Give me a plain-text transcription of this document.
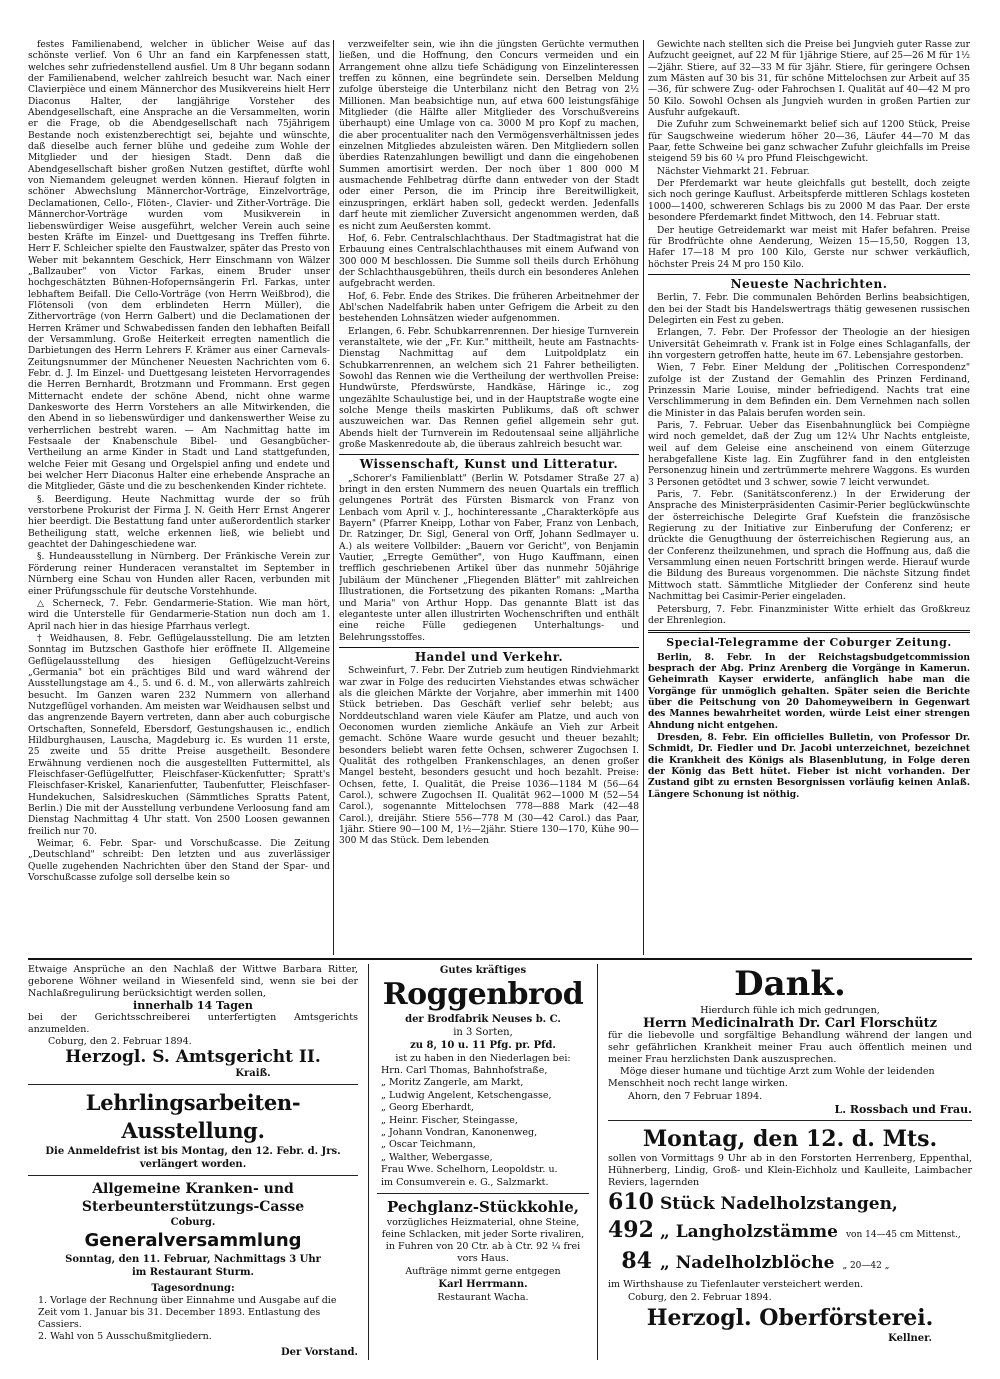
festes Familienabend, welcher in üblicher Weise auf das schönste verlief. Von 6 Uhr an fand ein Karpfenessen statt, welches sehr zufriedenstellend ausfiel. Um 8 Uhr begann sodann der Familienabend, welcher zahlreich besucht war. Nach einer Clavierpièce und einem Männerchor des Musikvereins hielt Herr Diaconus Halter, der langjährige Vorsteher des Abendgesellschaft, eine Ansprache an die Versammelten, worin er die Frage, ob die Abendgesellschaft nach 75jährigem Bestande noch existenzberechtigt sei, bejahte und wünschte, daß dieselbe auch ferner blühe und gedeihe zum Wohle der Mitglieder und der hiesigen Stadt. Denn daß die Abendgesellschaft bisher großen Nutzen gestiftet, dürfte wohl von Niemandem geleugnet werden können. Hierauf folgten in schöner Abwechslung Männerchor-Vorträge, Einzelvorträge, Declamationen, Cello-, Flöten-, Clavier- und Zither-Vorträge. Die Männerchor-Vorträge wurden vom Musikverein in liebenswürdiger Weise ausgeführt, welcher Verein auch seine besten Kräfte im Einzel- und Duettgesang ins Treffen führte. Herr F. Schleicher spielte den Faustwalzer, später das Presto von Weber mit bekanntem Geschick, Herr Einschmann von Wälzer „Ballzauber" von Victor Farkas, einem Bruder unser hochgeschätzten Bühnen-Hofopernsängerin Frl. Farkas, unter lebhaftem Beifall. Die Cello-Vorträge (von Herrn Weißbrod), die Flötensoli (von dem erblindeten Herrn Müller), die Zithervorträge (von Herrn Galbert) und die Declamationen der Herren Krämer und Schwabedissen fanden den lebhaften Beifall der Versammlung. Große Heiterkeit erregten namentlich die Darbietungen des Herrn Lehrers F. Krämer aus einer Carnevals-Zeitungsnummer der Münchener Neuesten Nachrichten vom 6. Febr. d. J. Im Einzel- und Duettgesang leisteten Hervorragendes die Herren Bernhardt, Brotzmann und Frommann. Erst gegen Mitternacht endete der schöne Abend, nicht ohne warme Dankesworte des Herrn Vorstehers an alle Mitwirkenden, die den Abend in so liebenswürdiger und dankenswerther Weise zu verherrlichen bestrebt waren. — Am Nachmittag hatte im Festsaale der Knabenschule Bibel- und Gesangbücher-Vertheilung an arme Kinder in Stadt und Land stattgefunden, welche Feier mit Gesang und Orgelspiel anfing und endete und bei welcher Herr Diaconus Halter eine erhebende Ansprache an die Mitglieder, Gäste und die zu beschenkenden Kinder richtete.

§. Beerdigung. Heute Nachmittag wurde der so früh verstorbene Prokurist der Firma J. N. Geith Herr Ernst Angerer hier beerdigt. Die Bestattung fand unter außerordentlich starker Betheiligung statt, welche erkennen ließ, wie beliebt und geachtet der Dahingeschiedene war.

§. Hundeausstellung in Nürnberg. Der Fränkische Verein zur Förderung reiner Hunderacen veranstaltet im September in Nürnberg eine Schau von Hunden aller Racen, verbunden mit einer Prüfungsschule für deutsche Vorstehhunde.

△ Scherneck, 7. Febr. Gendarmerie-Station. Wie man hört, wird die Unterstelle für Gendarmerie-Station nun doch am 1. April nach hier in das hiesige Pfarrhaus verlegt.

† Weidhausen, 8. Febr. Geflügelausstellung. Die am letzten Sonntag im Butzschen Gasthofe hier eröffnete II. Allgemeine Geflügelausstellung des hiesigen Geflügelzucht-Vereins „Germania" bot ein prächtiges Bild und ward während der Ausstellungstage am 4., 5. und 6. d. M., von allerwärts zahlreich besucht. Im Ganzen waren 232 Nummern von allerhand Nutzgeflügel vorhanden. Am meisten war Weidhausen selbst und das angrenzende Bayern vertreten, dann aber auch coburgische Ortschaften, Sonnefeld, Ebersdorf, Gestungshausen ic., endlich Hildburghausen, Lauscha, Magdeburg ic. Es wurden 11 erste, 25 zweite und 55 dritte Preise ausgetheilt. Besondere Erwähnung verdienen noch die ausgestellten Futtermittel, als Fleischfaser-Geflügelfutter, Fleischfaser-Kückenfutter; Spratt's Fleischfaser-Kriskel, Kanarienfutter, Taubenfutter, Fleischfaser-Hundekuchen, Salsidreskuchen (Sämmtliches Spratts Patent, Berlin.) Die mit der Ausstellung verbundene Verloosung fand am Dienstag Nachmittag 4 Uhr statt. Von 2500 Loosen gewannen freilich nur 70.

Weimar, 6. Febr. Spar- und Vorschußcasse. Die Zeitung „Deutschland" schreibt: Den letzten und aus zuverlässiger Quelle zugehenden Nachrichten über den Stand der Spar- und Vorschußcasse zufolge soll derselbe kein so

verzweifelter sein, wie ihn die jüngsten Gerüchte vermuthen ließen, und die Hoffnung, den Concurs vermeiden und ein Arrangement ohne allzu tiefe Schädigung von Einzelinteressen treffen zu können, eine begründete sein. Derselben Meldung zufolge übersteige die Unterbilanz nicht den Betrag von 2½ Millionen. Man beabsichtige nun, auf etwa 600 leistungsfähige Mitglieder (die Hälfte aller Mitglieder des Vorschußvereins überhaupt) eine Umlage von ca. 3000 M pro Kopf zu machen, die aber procentualiter nach den Vermögensverhältnissen jedes einzelnen Mitgliedes abzuleisten wären. Den Mitgliedern sollen überdies Ratenzahlungen bewilligt und dann die eingehobenen Summen amortisirt werden. Der noch über 1 800 000 M ausmachende Fehlbetrag dürfte dann entweder von der Stadt oder einer Person, die im Princip ihre Bereitwilligkeit, einzuspringen, erklärt haben soll, gedeckt werden. Jedenfalls darf heute mit ziemlicher Zuversicht angenommen werden, daß es nicht zum Aeußersten kommt.

Hof, 6. Febr. Centralschlachthaus. Der Stadtmagistrat hat die Erbauung eines Centralschlachthauses mit einem Aufwand von 300 000 M beschlossen. Die Summe soll theils durch Erhöhung der Schlachthausgebühren, theils durch ein besonderes Anlehen aufgebracht werden.

Hof, 6. Febr. Ende des Strikes. Die früheren Arbeitnehmer der Abl'schen Nadelfabrik haben unter Gefrigem die Arbeit zu den bestehenden Lohnsätzen wieder aufgenommen.

Erlangen, 6. Febr. Schubkarrenrennen. Der hiesige Turnverein veranstaltete, wie der „Fr. Kur." mittheilt, heute am Fastnachts-Dienstag Nachmittag auf dem Luitpoldplatz ein Schubkarrenrennen, an welchem sich 21 Fahrer betheiligten. Sowohl das Rennen wie die Vertheilung der werthvollen Preise: Hundwürste, Pferdswürste, Handkäse, Häringe ic., zog ungezählte Schaulustige bei, und in der Hauptstraße wogte eine solche Menge theils maskirten Publikums, daß oft schwer auszuweichen war. Das Rennen gefiel allgemein sehr gut. Abends hielt der Turnverein im Redoutensaal seine alljährliche große Maskenredoute ab, die überaus zahlreich besucht war.

Wissenschaft, Kunst und Litteratur.

„Schorer's Familienblatt" (Berlin W. Potsdamer Straße 27 a) bringt in den ersten Nummern des neuen Quartals ein trefflich gelungenes Porträt des Fürsten Bismarck von Franz von Lenbach vom April v. J., hochinteressante „Charakterköpfe aus Bayern" (Pfarrer Kneipp, Lothar von Faber, Franz von Lenbach, Dr. Ratzinger, Dr. Sigl, General von Orff, Johann Sedlmayer u. A.) als weitere Vollbilder: „Bauern vor Gericht", von Benjamin Vautier, „Erregte Gemüther", von Hugo Kauffmann, einen trefflich geschriebenen Artikel über das nunmehr 50jährige Jubiläum der Münchener „Fliegenden Blätter" mit zahlreichen Illustrationen, die Fortsetzung des pikanten Romans: „Martha und Maria" von Arthur Hopp. Das genannte Blatt ist das eleganteste unter allen illustrirten Wochenschriften und enthält eine reiche Fülle gediegenen Unterhaltungs- und Belehrungsstoffes.

Handel und Verkehr.

Schweinfurt, 7. Febr. Der Zutrieb zum heutigen Rindviehmarkt war zwar in Folge des reducirten Viehstandes etwas schwächer als die gleichen Märkte der Vorjahre, aber immerhin mit 1400 Stück betrieben. Das Geschäft verlief sehr belebt; aus Norddeutschland waren viele Käufer am Platze, und auch von Oeconomen wurden ziemliche Ankäufe an Vieh zur Arbeit gemacht. Schöne Waare wurde gesucht und theuer bezahlt; besonders beliebt waren fette Ochsen, schwerer Zugochsen I. Qualität des rothgelben Frankenschlages, an denen großer Mangel besteht, besonders gesucht und hoch bezahlt. Preise: Ochsen, fette, I. Qualität, die Preise 1036—1184 M (56—64 Carol.), schwere Zugochsen II. Qualität 962—1000 M (52—54 Carol.), sogenannte Mittelochsen 778—888 Mark (42—48 Carol.), dreijähr. Stiere 556—778 M (30—42 Carol.) das Paar, 1jähr. Stiere 90—100 M, 1½—2jähr. Stiere 130—170, Kühe 90—300 M das Stück. Dem lebenden

Gewichte nach stellten sich die Preise bei Jungvieh guter Rasse zur Aufzucht geeignet, auf 22 M für 1jährige Stiere, auf 25—26 M für 1½—2jähr. Stiere, auf 32—33 M für 3jähr. Stiere, für geringere Ochsen zum Mästen auf 30 bis 31, für schöne Mittelochsen zur Arbeit auf 35—36, für schwere Zug- oder Fahrochsen I. Qualität auf 40—42 M pro 50 Kilo. Sowohl Ochsen als Jungvieh wurden in großen Partien zur Ausfuhr aufgekauft.

Die Zufuhr zum Schweinemarkt belief sich auf 1200 Stück, Preise für Saugschweine wiederum höher 20—36, Läufer 44—70 M das Paar, fette Schweine bei ganz schwacher Zufuhr gleichfalls im Preise steigend 59 bis 60 ¼ pro Pfund Fleischgewicht.

Nächster Viehmarkt 21. Februar.

Der Pferdemarkt war heute gleichfalls gut bestellt, doch zeigte sich noch geringe Kauflust. Arbeitspferde mittleren Schlags kosteten 1000—1400, schwereren Schlags bis zu 2000 M das Paar. Der erste besondere Pferdemarkt findet Mittwoch, den 14. Februar statt.

Der heutige Getreidemarkt war meist mit Hafer befahren. Preise für Brodfrüchte ohne Aenderung, Weizen 15—15,50, Roggen 13, Hafer 17—18 M pro 100 Kilo, Gerste nur schwer verkäuflich, höchster Preis 24 M pro 150 Kilo.

Neueste Nachrichten.

Berlin, 7. Febr. Die communalen Behörden Berlins beabsichtigen, den bei der Stadt bis Handelswertrags thätig gewesenen russischen Delegirten ein Fest zu geben.

Erlangen, 7. Febr. Der Professor der Theologie an der hiesigen Universität Geheimrath v. Frank ist in Folge eines Schlaganfalls, der ihn vorgestern getroffen hatte, heute im 67. Lebensjahre gestorben.

Wien, 7 Febr. Einer Meldung der „Politischen Correspondenz" zufolge ist der Zustand der Gemahlin des Prinzen Ferdinand, Prinzessin Marie Louise, minder befriedigend. Nachts trat eine Verschlimmerung in dem Befinden ein. Dem Vernehmen nach sollen die Minister in das Palais berufen worden sein.

Paris, 7. Februar. Ueber das Eisenbahnunglück bei Compiègne wird noch gemeldet, daß der Zug um 12¼ Uhr Nachts entgleiste, weil auf dem Geleise eine anscheinend von einem Güterzuge herabgefallene Kiste lag. Ein Zugführer fand in den entgleisten Personenzug hinein und zertrümmerte mehrere Waggons. Es wurden 3 Personen getödtet und 3 schwer, sowie 7 leicht verwundet.

Paris, 7. Febr. (Sanitätsconferenz.) In der Erwiderung der Ansprache des Ministerpräsidenten Casimir-Perier beglückwünschte der österreichische Delegirte Graf Kuefstein die französische Regierung zu der Initiative zur Einberufung der Conferenz; er drückte die Genugthuung der österreichischen Regierung aus, an der Conferenz theilzunehmen, und sprach die Hoffnung aus, daß die Versammlung einen neuen Fortschritt bringen werde. Hierauf wurde die Bildung des Bureaus vorgenommen. Die nächste Sitzung findet Mittwoch statt. Sämmtliche Mitglieder der Conferenz sind heute Nachmittag bei Casimir-Perier eingeladen.

Petersburg, 7. Febr. Finanzminister Witte erhielt das Großkreuz der Ehrenlegion.

Special-Telegramme der Coburger Zeitung.

Berlin, 8. Febr. In der Reichstagsbudgetcommission besprach der Abg. Prinz Arenberg die Vorgänge in Kamerun. Geheimrath Kayser erwiderte, anfänglich habe man die Vorgänge für unmöglich gehalten. Später seien die Berichte über die Peitschung von 20 Dahomeyweibern in Gegenwart des Mannes bewahrheitet worden, würde Leist einer strengen Ahndung nicht entgehen.

Dresden, 8. Febr. Ein officielles Bulletin, von Professor Dr. Schmidt, Dr. Fiedler und Dr. Jacobi unterzeichnet, bezeichnet die Krankheit des Königs als Blasenblutung, in Folge deren der König das Bett hütet. Fieber ist nicht vorhanden. Der Zustand gibt zu ernsten Besorgnissen vorläufig keinen Anlaß. Längere Schonung ist nöthig.

Etwaige Ansprüche an den Nachlaß der Wittwe Barbara Ritter, geborene Wöhner weiland in Wiesenfeld sind, wenn sie bei der Nachlaßregulirung berücksichtigt werden sollen,
innerhalb 14 Tagen
bei der Gerichtsschreiberei unterfertigten Amtsgerichts anzumelden.
Coburg, den 2. Februar 1894.
Herzogl. S. Amtsgericht II.
Kraiß.
Lehrlingsarbeiten-Ausstellung.
Die Anmeldefrist ist bis Montag, den 12. Febr. d. Jrs. verlängert worden.
Allgemeine Kranken- und Sterbeunterstützungs-Casse
Coburg.
Generalversammlung
Sonntag, den 11. Februar, Nachmittags 3 Uhr
im Restaurant Sturm.
Tagesordnung:
1. Vorlage der Rechnung über Einnahme und Ausgabe auf die Zeit vom 1. Januar bis 31. December 1893. Entlastung des Cassiers.
2. Wahl von 5 Ausschußmitgliedern.
Der Vorstand.
Gutes kräftiges
Roggenbrod
der Brodfabrik Neuses b. C.
in 3 Sorten,
zu 8, 10 u. 11 Pfg. pr. Pfd.
ist zu haben in den Niederlagen bei:
Hrn. Carl Thomas, Bahnhofstraße,
„ Moritz Zangerle, am Markt,
„ Ludwig Angelent, Ketschengasse,
„ Georg Eberhardt,
„ Heinr. Fischer, Steingasse,
„ Johann Vondran, Kanonenweg,
„ Oscar Teichmann,
„ Walther, Webergasse,
Frau Wwe. Schelhorn, Leopoldstr. u.
im Consumverein e. G., Salzmarkt.
Pechglanz-Stückkohle,
vorzügliches Heizmaterial, ohne Steine, feine Schlacken, mit jeder Sorte rivaliren, in Fuhren von 20 Ctr. ab à Ctr. 92 ¼ frei vors Haus.
Aufträge nimmt gerne entgegen
Karl Herrmann.
Restaurant Wacha.
Dank.
Hierdurch fühle ich mich gedrungen,
Herrn Medicinalrath Dr. Carl Florschütz
für die liebevolle und sorgfältige Behandlung während der langen und sehr gefährlichen Krankheit meiner Frau auch öffentlich meinen und meiner Frau herzlichsten Dank auszusprechen.
Möge dieser humane und tüchtige Arzt zum Wohle der leidenden Menschheit noch recht lange wirken.
Ahorn, den 7 Februar 1894.
L. Rossbach und Frau.
Montag, den 12. d. Mts.
sollen von Vormittags 9 Uhr ab in den Forstorten Herrenberg, Eppenthal, Hühnerberg, Lindig, Groß- und Klein-Eichholz und Kaulleite, Laimbacher Reviers, lagernden
610 Stück Nadelholzstangen,
492 „ Langholzstämme von 14—45 cm Mittenst.,
84 „ Nadelholzblöche „ 20—42 „
im Wirthshause zu Tiefenlauter versteichert werden.
Coburg, den 2. Februar 1894.
Herzogl. Oberförsterei.
Kellner.
